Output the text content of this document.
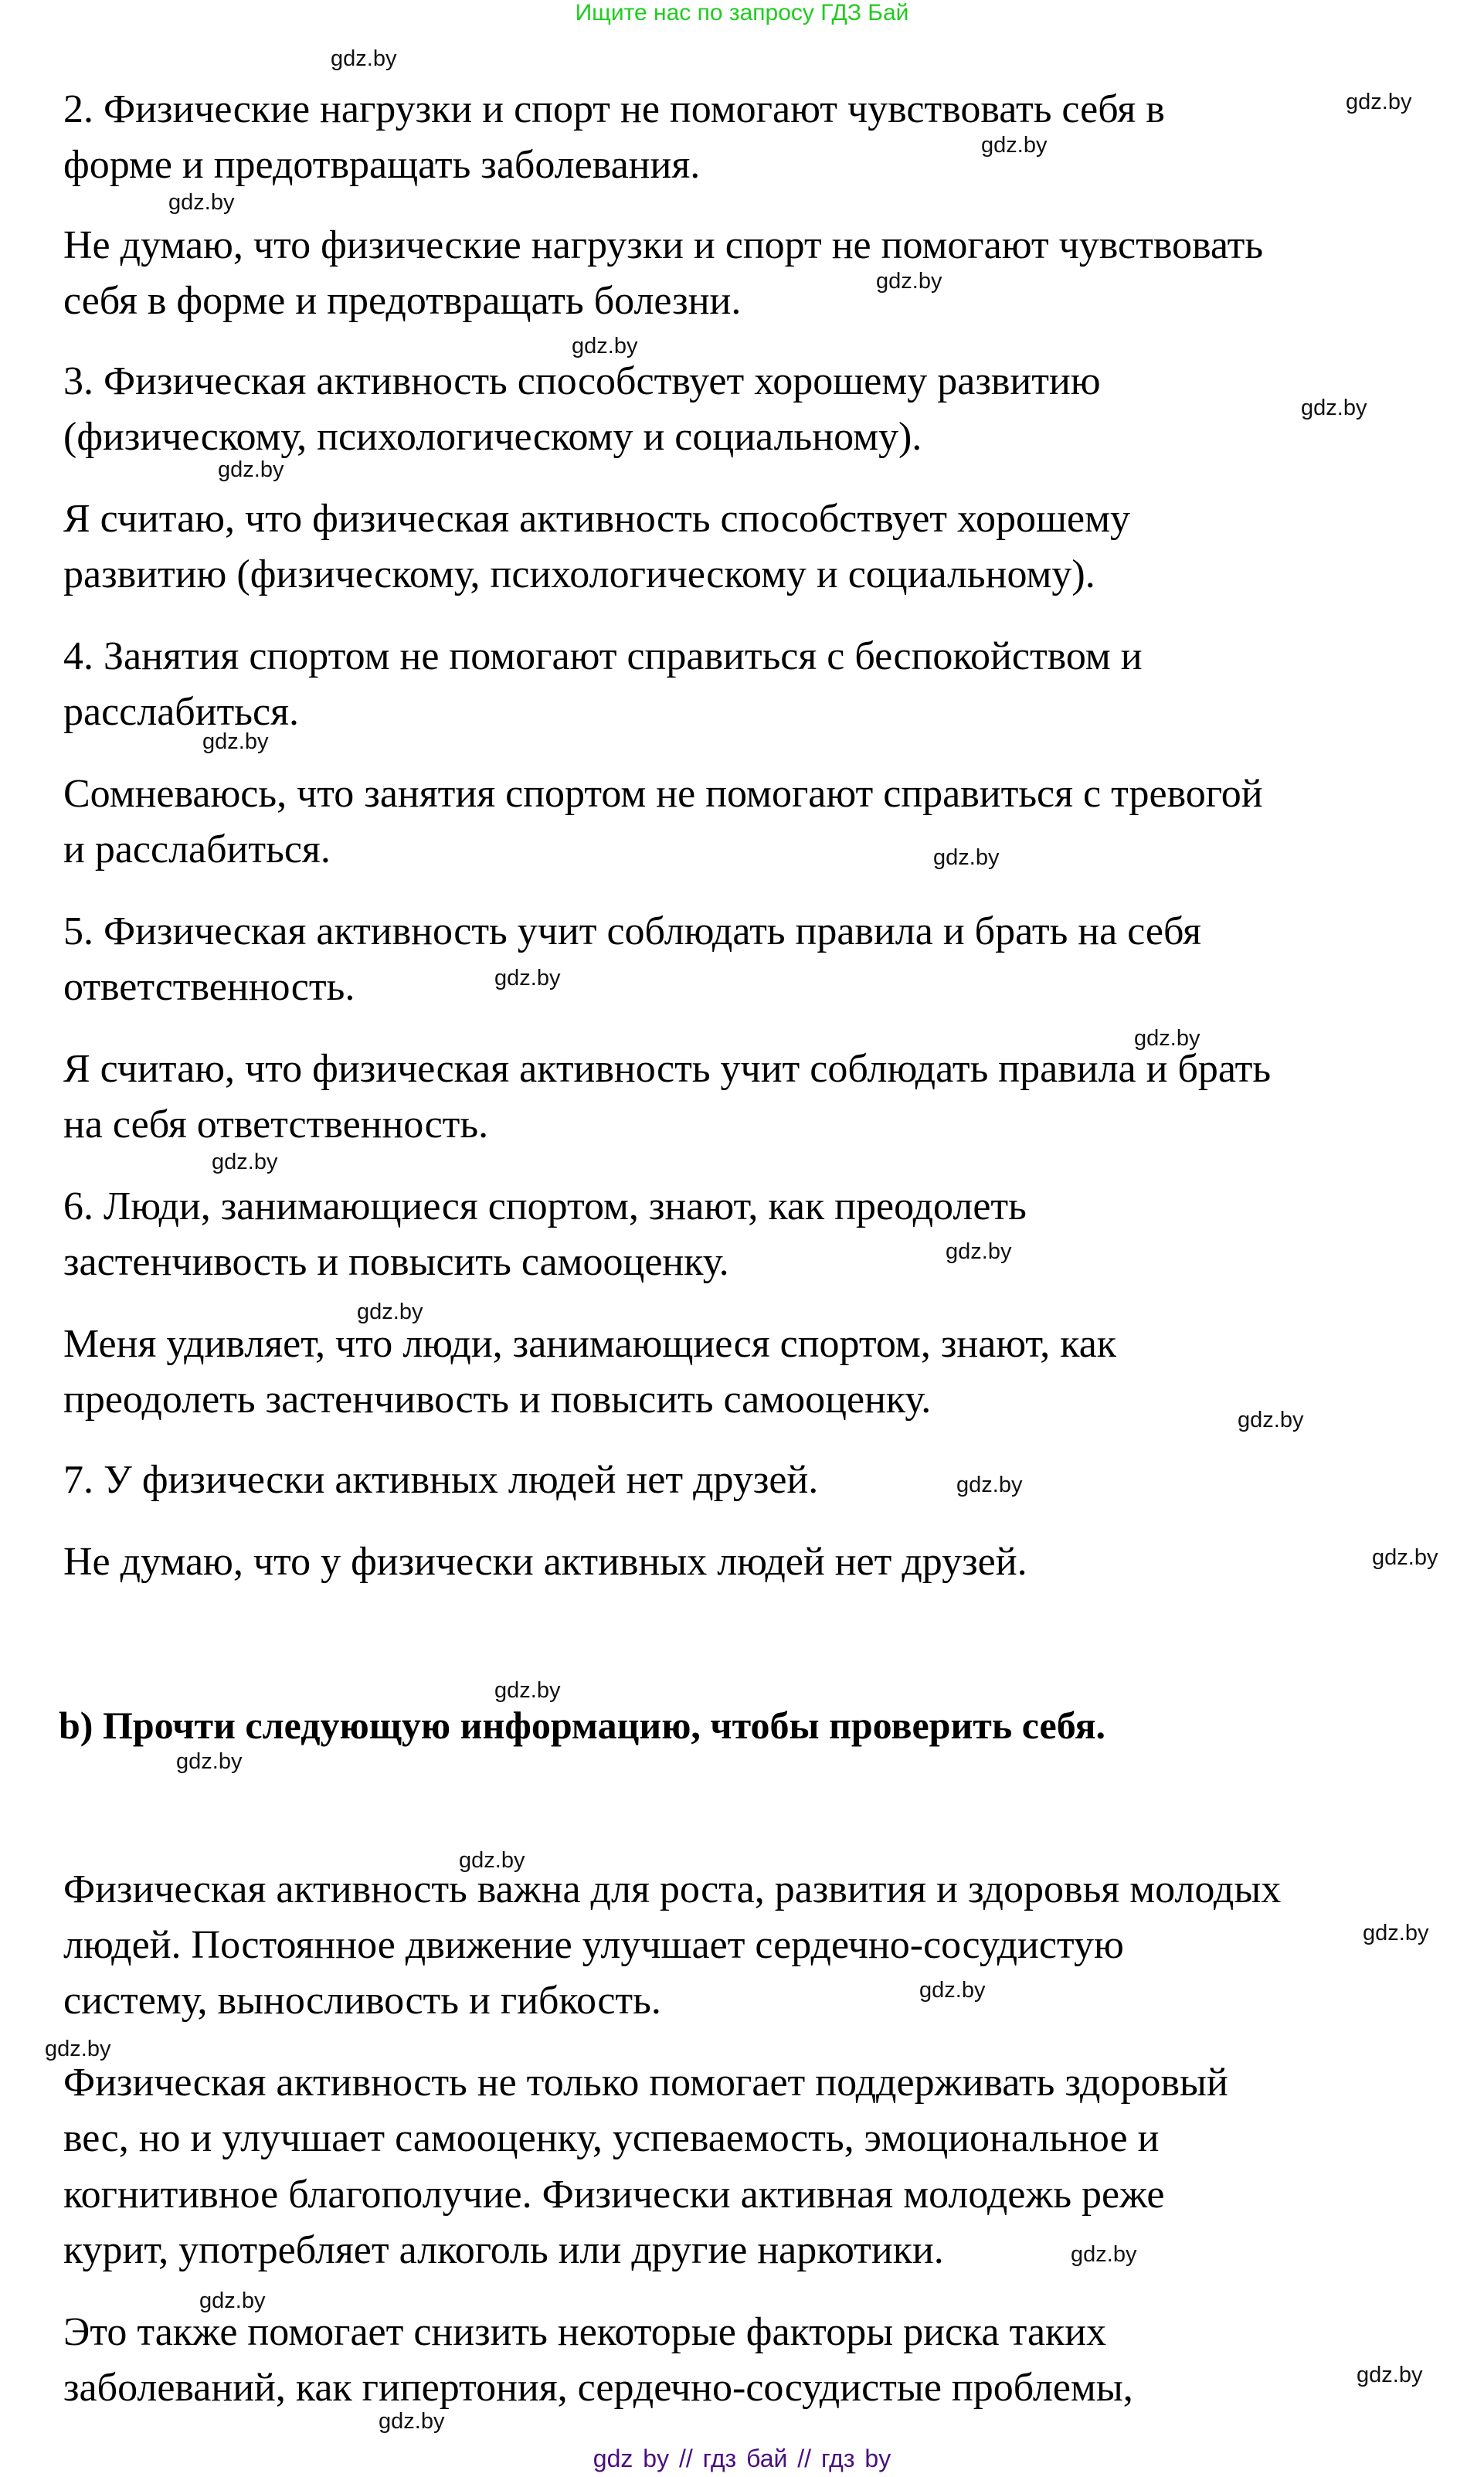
Ищите нас по запросу ГДЗ Бай
2. Физические нагрузки и спорт не помогают чувствовать себя в
форме и предотвращать заболевания.
Не думаю, что физические нагрузки и спорт не помогают чувствовать
себя в форме и предотвращать болезни.
3. Физическая активность способствует хорошему развитию
(физическому, психологическому и социальному).
Я считаю, что физическая активность способствует хорошему
развитию (физическому, психологическому и социальному).
4. Занятия спортом не помогают справиться с беспокойством и
расслабиться.
Сомневаюсь, что занятия спортом не помогают справиться с тревогой
и расслабиться.
5. Физическая активность учит соблюдать правила и брать на себя
ответственность.
Я считаю, что физическая активность учит соблюдать правила и брать
на себя ответственность.
6. Люди, занимающиеся спортом, знают, как преодолеть
застенчивость и повысить самооценку.
Меня удивляет, что люди, занимающиеся спортом, знают, как
преодолеть застенчивость и повысить самооценку.
7. У физически активных людей нет друзей.
Не думаю, что у физически активных людей нет друзей.
b) Прочти следующую информацию, чтобы проверить себя.
Физическая активность важна для роста, развития и здоровья молодых
людей. Постоянное движение улучшает сердечно-сосудистую
систему, выносливость и гибкость.
Физическая активность не только помогает поддерживать здоровый
вес, но и улучшает самооценку, успеваемость, эмоциональное и
когнитивное благополучие. Физически активная молодежь реже
курит, употребляет алкоголь или другие наркотики.
Это также помогает снизить некоторые факторы риска таких
заболеваний, как гипертония, сердечно-сосудистые проблемы,
gdz.by
gdz.by
gdz.by
gdz.by
gdz.by
gdz.by
gdz.by
gdz.by
gdz.by
gdz.by
gdz.by
gdz.by
gdz.by
gdz.by
gdz.by
gdz.by
gdz.by
gdz.by
gdz.by
gdz.by
gdz.by
gdz.by
gdz.by
gdz.by
gdz.by
gdz.by
gdz.by
gdz.by
gdz by // гдз бай // гдз by
